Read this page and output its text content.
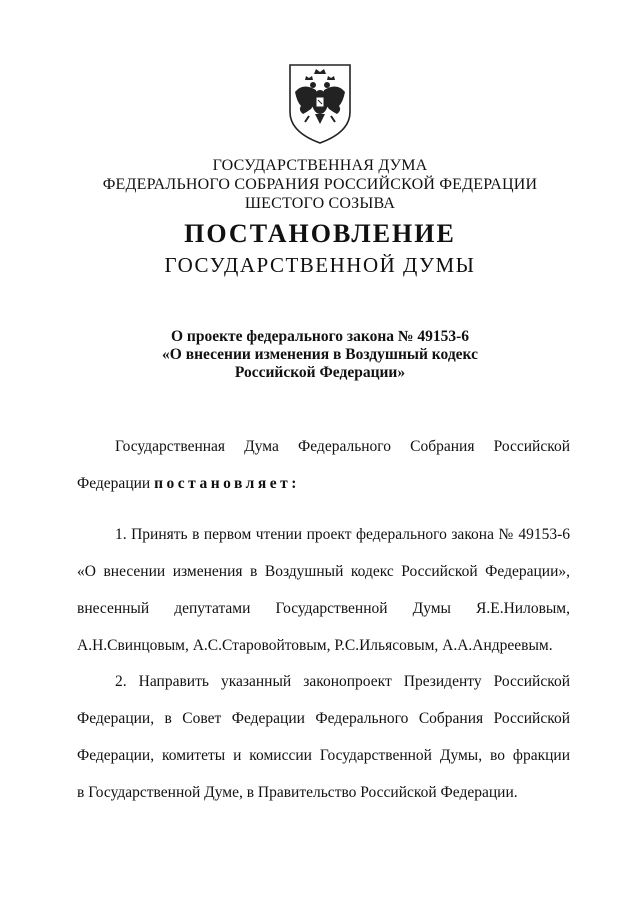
ГОСУДАРСТВЕННАЯ ДУМА
ФЕДЕРАЛЬНОГО СОБРАНИЯ РОССИЙСКОЙ ФЕДЕРАЦИИ
ШЕСТОГО СОЗЫВА
ПОСТАНОВЛЕНИЕ
ГОСУДАРСТВЕННОЙ ДУМЫ
О проекте федерального закона № 49153-6
«О внесении изменения в Воздушный кодекс
Российской Федерации»
Государственная Дума Федерального Собрания Российской
Федерации постановляет:
1. Принять в первом чтении проект федерального закона № 49153-6
«О внесении изменения в Воздушный кодекс Российской Федерации»,
внесенный депутатами Государственной Думы Я.Е.Ниловым,
А.Н.Свинцовым, А.С.Старовойтовым, Р.С.Ильясовым, А.А.Андреевым.
2. Направить указанный законопроект Президенту Российской
Федерации, в Совет Федерации Федерального Собрания Российской
Федерации, комитеты и комиссии Государственной Думы, во фракции
в Государственной Думе, в Правительство Российской Федерации.
